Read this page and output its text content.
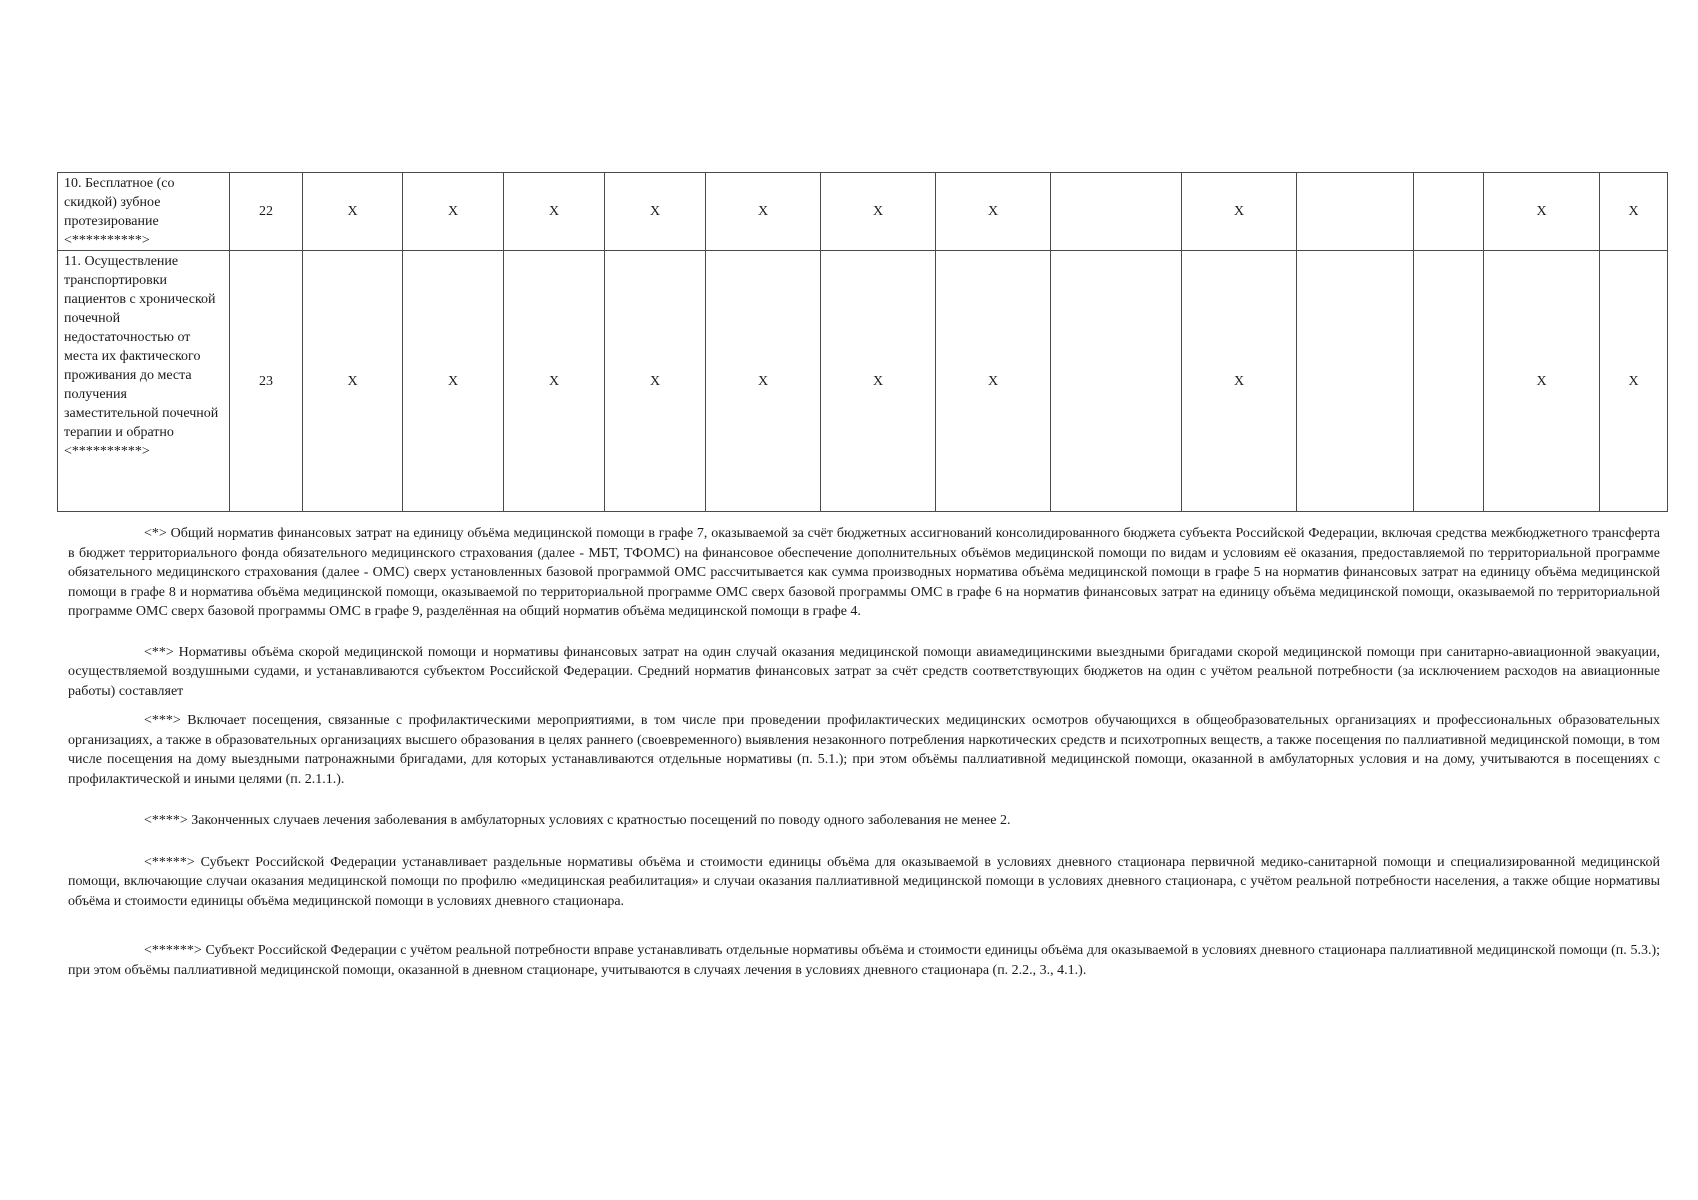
10. Бесплатное (со скидкой) зубное протезирование <**********>	22	Х	Х	Х	Х	Х	Х	Х		Х			Х	Х
11. Осуществление транспортировки пациентов с хронической почечной недостаточностью от места их фактического проживания до места получения заместительной почечной терапии и обратно <**********>	23	Х	Х	Х	Х	Х	Х	Х		Х			Х	Х

<*> Общий норматив финансовых затрат на единицу объёма медицинской помощи в графе 7, оказываемой за счёт бюджетных ассигнований консолидированного бюджета субъекта Российской Федерации, включая средства межбюджетного трансферта в бюджет территориального фонда обязательного медицинского страхования (далее - МБТ, ТФОМС) на финансовое обеспечение дополнительных объёмов медицинской помощи по видам и условиям её оказания, предоставляемой по территориальной программе обязательного медицинского страхования (далее - ОМС) сверх установленных базовой программой ОМС рассчитывается как сумма производных норматива объёма медицинской помощи в графе 5 на норматив финансовых затрат на единицу объёма медицинской помощи в графе 8 и норматива объёма медицинской помощи, оказываемой по территориальной программе ОМС сверх базовой программы ОМС в графе 6 на норматив финансовых затрат на единицу объёма медицинской помощи, оказываемой по территориальной программе ОМС сверх базовой программы ОМС в графе 9, разделённая на общий норматив объёма медицинской помощи в графе 4.

<**> Нормативы объёма скорой медицинской помощи и нормативы финансовых затрат на один случай оказания медицинской помощи авиамедицинскими выездными бригадами скорой медицинской помощи при санитарно-авиационной эвакуации, осуществляемой воздушными судами, и устанавливаются субъектом Российской Федерации. Средний норматив финансовых затрат за счёт средств соответствующих бюджетов на один с учётом реальной потребности (за исключением расходов на авиационные работы) составляет

<***> Включает посещения, связанные с профилактическими мероприятиями, в том числе при проведении профилактических медицинских осмотров обучающихся в общеобразовательных организациях и профессиональных образовательных организациях, а также в образовательных организациях высшего образования в целях раннего (своевременного) выявления незаконного потребления наркотических средств и психотропных веществ, а также посещения по паллиативной медицинской помощи, в том числе посещения на дому выездными патронажными бригадами, для которых устанавливаются отдельные нормативы (п. 5.1.); при этом объёмы паллиативной медицинской помощи, оказанной в амбулаторных условия и на дому, учитываются в посещениях с профилактической и иными целями (п. 2.1.1.).

<****> Законченных случаев лечения заболевания в амбулаторных условиях с кратностью посещений по поводу одного заболевания не менее 2.

<*****> Субъект Российской Федерации устанавливает раздельные нормативы объёма и стоимости единицы объёма для оказываемой в условиях дневного стационара первичной медико-санитарной помощи и специализированной медицинской помощи, включающие случаи оказания медицинской помощи по профилю «медицинская реабилитация» и случаи оказания паллиативной медицинской помощи в условиях дневного стационара, с учётом реальной потребности населения, а также общие нормативы объёма и стоимости единицы объёма медицинской помощи в условиях дневного стационара.

<******> Субъект Российской Федерации с учётом реальной потребности вправе устанавливать отдельные нормативы объёма и стоимости единицы объёма для оказываемой в условиях дневного стационара паллиативной медицинской помощи (п. 5.3.); при этом объёмы паллиативной медицинской помощи, оказанной в дневном стационаре, учитываются в случаях лечения в условиях дневного стационара (п. 2.2., 3., 4.1.).
